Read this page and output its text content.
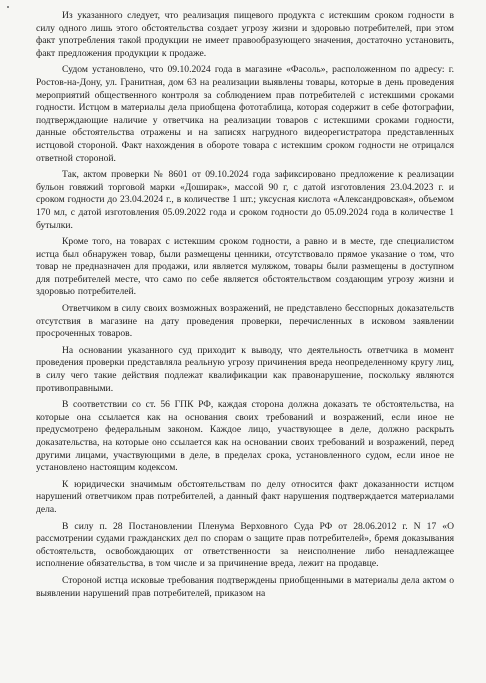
Из указанного следует, что реализация пищевого продукта с истекшим сроком годности в силу одного лишь этого обстоятельства создает угрозу жизни и здоровью потребителей, при этом факт употребления такой продукции не имеет правообразующего значения, достаточно установить, факт предложения продукции к продаже.

Судом установлено, что 09.10.2024 года в магазине «Фасоль», расположенном по адресу: г. Ростов-на-Дону, ул. Гранитная, дом 63 на реализации выявлены товары, которые в день проведения мероприятий общественного контроля за соблюдением прав потребителей с истекшими сроками годности. Истцом в материалы дела приобщена фототаблица, которая содержит в себе фотографии, подтверждающие наличие у ответчика на реализации товаров с истекшими сроками годности, данные обстоятельства отражены и на записях нагрудного видеорегистратора представленных истцовой стороной. Факт нахождения в обороте товара с истекшим сроком годности не отрицался ответной стороной.

Так, актом проверки № 8601 от 09.10.2024 года зафиксировано предложение к реализации бульон говяжий торговой марки «Доширак», массой 90 г, с датой изготовления 23.04.2023 г. и сроком годности до 23.04.2024 г., в количестве 1 шт.; уксусная кислота «Александровская», объемом 170 мл, с датой изготовления 05.09.2022 года и сроком годности до 05.09.2024 года в количестве 1 бутылки.

Кроме того, на товарах с истекшим сроком годности, а равно и в месте, где специалистом истца был обнаружен товар, были размещены ценники, отсутствовало прямое указание о том, что товар не предназначен для продажи, или является муляжом, товары были размещены в доступном для потребителей месте, что само по себе является обстоятельством создающим угрозу жизни и здоровью потребителей.

Ответчиком в силу своих возможных возражений, не представлено бесспорных доказательств отсутствия в магазине на дату проведения проверки, перечисленных в исковом заявлении просроченных товаров.

На основании указанного суд приходит к выводу, что деятельность ответчика в момент проведения проверки представляла реальную угрозу причинения вреда неопределенному кругу лиц, в силу чего такие действия подлежат квалификации как правонарушение, поскольку являются противоправными.

В соответствии со ст. 56 ГПК РФ, каждая сторона должна доказать те обстоятельства, на которые она ссылается как на основания своих требований и возражений, если иное не предусмотрено федеральным законом. Каждое лицо, участвующее в деле, должно раскрыть доказательства, на которые оно ссылается как на основании своих требований и возражений, перед другими лицами, участвующими в деле, в пределах срока, установленного судом, если иное не установлено настоящим кодексом.

К юридически значимым обстоятельствам по делу относится факт доказанности истцом нарушений ответчиком прав потребителей, а данный факт нарушения подтверждается материалами дела.

В силу п. 28 Постановлении Пленума Верховного Суда РФ от 28.06.2012 г. N 17 «О рассмотрении судами гражданских дел по спорам о защите прав потребителей», бремя доказывания обстоятельств, освобождающих от ответственности за неисполнение либо ненадлежащее исполнение обязательства, в том числе и за причинение вреда, лежит на продавце.

Стороной истца исковые требования подтверждены приобщенными в материалы дела актом о выявлении нарушений прав потребителей, приказом на
